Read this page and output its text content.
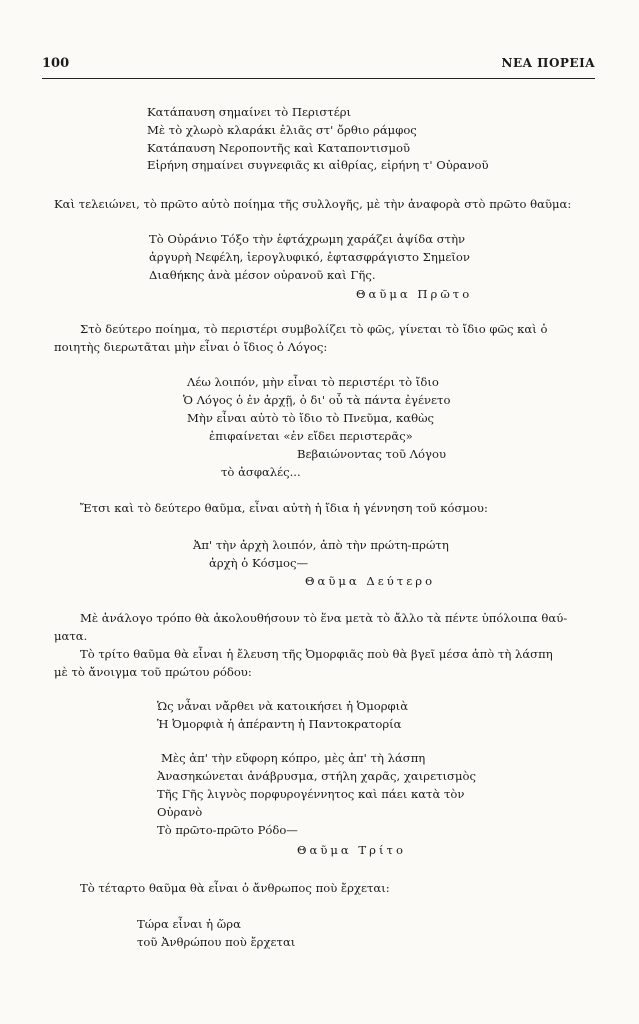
100	ΝΕΑ ΠΟΡΕΙΑ
Κατάπαυση σημαίνει τὸ Περιστέρι
Μὲ τὸ χλωρὸ κλαράκι ἐλιᾶς στ' ὄρθιο ράμφος
Κατάπαυση Νεροποντῆς καὶ Καταποντισμοῦ
Εἰρήνη σημαίνει συγνεφιᾶς κι αἰθρίας, εἰρήνη τ' Οὐρανοῦ
Καὶ τελειώνει, τὸ πρῶτο αὐτὸ ποίημα τῆς συλλογῆς, μὲ τὴν ἀναφορὰ στὸ πρῶτο θαῦμα:
Τὸ Οὐράνιο Τόξο τὴν ἑφτάχρωμη χαράζει ἀψίδα στὴν
ἀργυρὴ Νεφέλη, ἱερογλυφικό, ἑφτασφράγιστο Σημεῖον
Διαθήκης ἀνὰ μέσον οὐρανοῦ καὶ Γῆς.
Θαῦμα Πρῶτο
Στὸ δεύτερο ποίημα, τὸ περιστέρι συμβολίζει τὸ φῶς, γίνεται τὸ ἴδιο φῶς καὶ ὁ
ποιητὴς διερωτᾶται μὴν εἶναι ὁ ἴδιος ὁ Λόγος:
Λέω λοιπόν, μὴν εἶναι τὸ περιστέρι τὸ ἴδιο
Ὁ Λόγος ὁ ἐν ἀρχῇ, ὁ δι' οὗ τὰ πάντα ἐγένετο
Μὴν εἶναι αὐτὸ τὸ ἴδιο τὸ Πνεῦμα, καθὼς
ἐπιφαίνεται «ἐν εἴδει περιστερᾶς»
Βεβαιώνοντας τοῦ Λόγου
τὸ ἀσφαλές...
Ἔτσι καὶ τὸ δεύτερο θαῦμα, εἶναι αὐτὴ ἡ ἴδια ἡ γέννηση τοῦ κόσμου:
Ἀπ' τὴν ἀρχὴ λοιπόν, ἀπὸ τὴν πρώτη-πρώτη
ἀρχὴ ὁ Κόσμος—
Θαῦμα Δεύτερο
Μὲ ἀνάλογο τρόπο θὰ ἀκολουθήσουν τὸ ἕνα μετὰ τὸ ἄλλο τὰ πέντε ὑπόλοιπα θαύ-
ματα.
Τὸ τρίτο θαῦμα θὰ εἶναι ἡ ἔλευση τῆς Ὀμορφιᾶς ποὺ θὰ βγεῖ μέσα ἀπὸ τὴ λάσπη
μὲ τὸ ἄνοιγμα τοῦ πρώτου ρόδου:
Ὡς νἆναι νἄρθει νὰ κατοικήσει ἡ Ὀμορφιὰ
Ἡ Ὀμορφιὰ ἡ ἀπέραντη ἡ Παντοκρατορία
Μὲς ἀπ' τὴν εὔφορη κόπρο, μὲς ἀπ' τὴ λάσπη
Ἀνασηκώνεται ἀνάβρυσμα, στήλη χαρᾶς, χαιρετισμὸς
Τῆς Γῆς λιγνὸς πορφυρογέννητος καὶ πάει κατὰ τὸν
Οὐρανὸ
Τὸ πρῶτο-πρῶτο Ρόδο—
Θαῦμα Τρίτο
Τὸ τέταρτο θαῦμα θὰ εἶναι ὁ ἄνθρωπος ποὺ ἔρχεται:
Τώρα εἶναι ἡ ὥρα
τοῦ Ἀνθρώπου ποὺ ἔρχεται
